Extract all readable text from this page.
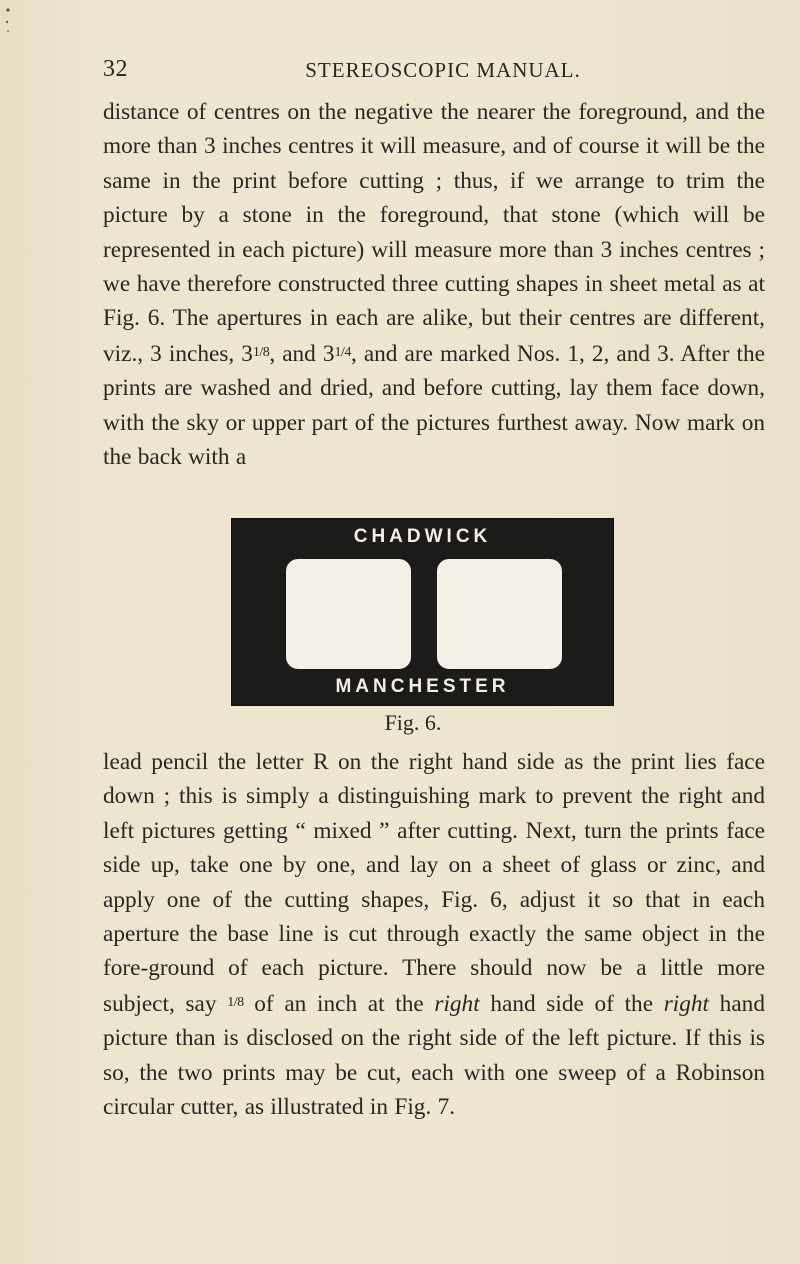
32	STEREOSCOPIC MANUAL.

distance of centres on the negative the nearer the foreground, and the more than 3 inches centres it will measure, and of course it will be the same in the print before cutting ; thus, if we arrange to trim the picture by a stone in the foreground, that stone (which will be represented in each picture) will measure more than 3 inches centres ; we have therefore constructed three cutting shapes in sheet metal as at Fig. 6. The apertures in each are alike, but their centres are different, viz., 3 inches, $3^{1/8}$, and $3^{1/4}$, and are marked Nos. 1, 2, and 3. After the prints are washed and dried, and before cutting, lay them face down, with the sky or upper part of the pictures furthest away. Now mark on the back with a

CHADWICK
MANCHESTER
Fig. 6.

lead pencil the letter R on the right hand side as the print lies face down ; this is simply a distinguishing mark to prevent the right and left pictures getting “ mixed ” after cutting. Next, turn the prints face side up, take one by one, and lay on a sheet of glass or zinc, and apply one of the cutting shapes, Fig. 6, adjust it so that in each aperture the base line is cut through exactly the same object in the fore-ground of each picture. There should now be a little more subject, say $^{1/8}$ of an inch at the right hand side of the right hand picture than is disclosed on the right side of the left picture. If this is so, the two prints may be cut, each with one sweep of a Robinson circular cutter, as illustrated in Fig. 7.
